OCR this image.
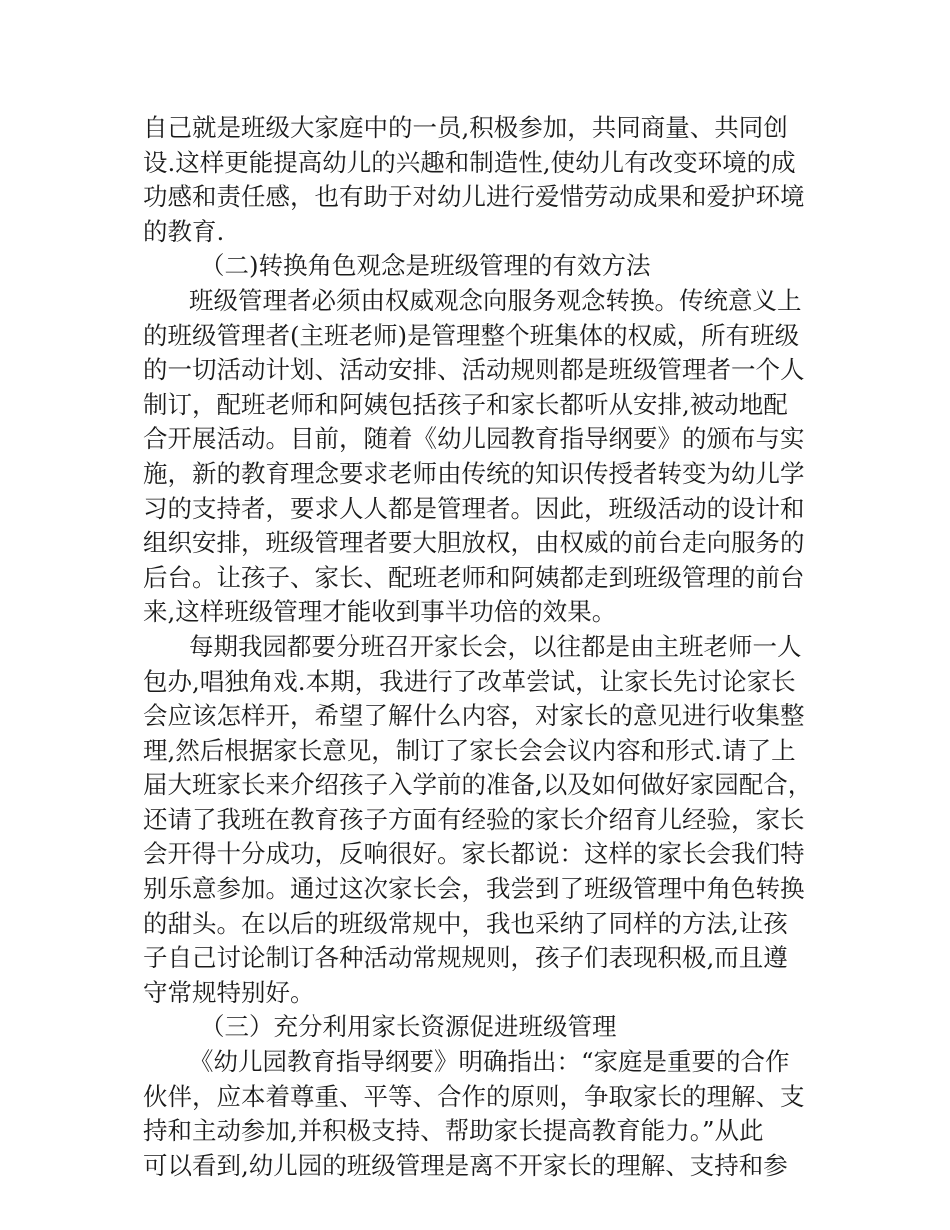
自己就是班级大家庭中的一员,积极参加，共同商量、共同创
设.这样更能提高幼儿的兴趣和制造性,使幼儿有改变环境的成
功感和责任感，也有助于对幼儿进行爱惜劳动成果和爱护环境
的教育.
（二)转换角色观念是班级管理的有效方法
班级管理者必须由权威观念向服务观念转换。传统意义上
的班级管理者(主班老师)是管理整个班集体的权威，所有班级
的一切活动计划、活动安排、活动规则都是班级管理者一个人
制订，配班老师和阿姨包括孩子和家长都听从安排,被动地配
合开展活动。目前，随着《幼儿园教育指导纲要》的颁布与实
施，新的教育理念要求老师由传统的知识传授者转变为幼儿学
习的支持者，要求人人都是管理者。因此，班级活动的设计和
组织安排，班级管理者要大胆放权，由权威的前台走向服务的
后台。让孩子、家长、配班老师和阿姨都走到班级管理的前台
来,这样班级管理才能收到事半功倍的效果。
每期我园都要分班召开家长会，以往都是由主班老师一人
包办,唱独角戏.本期，我进行了改革尝试，让家长先讨论家长
会应该怎样开，希望了解什么内容，对家长的意见进行收集整
理,然后根据家长意见，制订了家长会会议内容和形式.请了上
届大班家长来介绍孩子入学前的准备,以及如何做好家园配合，
还请了我班在教育孩子方面有经验的家长介绍育儿经验，家长
会开得十分成功，反响很好。家长都说：这样的家长会我们特
别乐意参加。通过这次家长会，我尝到了班级管理中角色转换
的甜头。在以后的班级常规中，我也采纳了同样的方法,让孩
子自己讨论制订各种活动常规规则，孩子们表现积极,而且遵
守常规特别好。
（三）充分利用家长资源促进班级管理
《幼儿园教育指导纲要》明确指出：“家庭是重要的合作
伙伴，应本着尊重、平等、合作的原则，争取家长的理解、支
持和主动参加,并积极支持、帮助家长提高教育能力。”从此
可以看到,幼儿园的班级管理是离不开家长的理解、支持和参
